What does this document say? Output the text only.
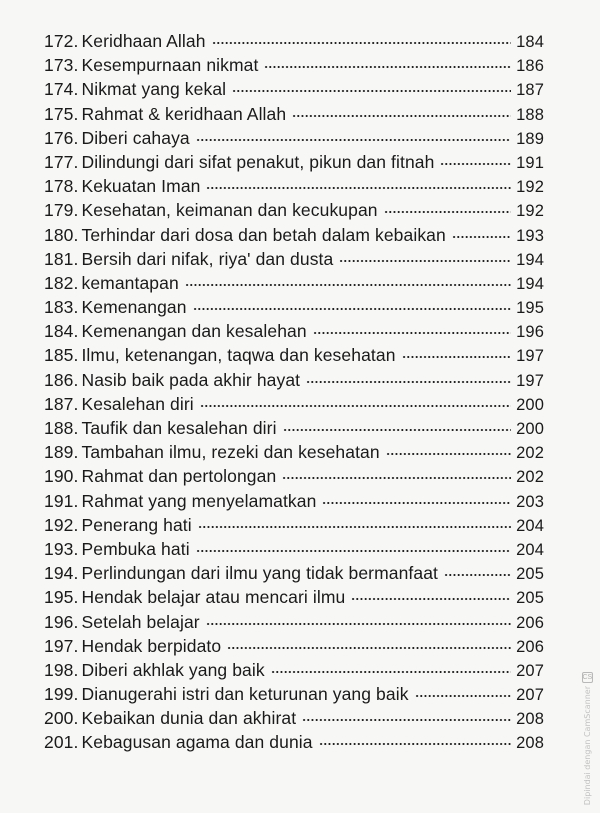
172. Keridhaan Allah	184
173. Kesempurnaan nikmat	186
174. Nikmat yang kekal	187
175. Rahmat & keridhaan Allah	188
176. Diberi cahaya	189
177. Dilindungi dari sifat penakut, pikun dan fitnah	191
178. Kekuatan Iman	192
179. Kesehatan, keimanan dan kecukupan	192
180. Terhindar dari dosa dan betah dalam kebaikan	193
181. Bersih dari nifak, riya' dan dusta	194
182. kemantapan	194
183. Kemenangan	195
184. Kemenangan dan kesalehan	196
185. Ilmu, ketenangan, taqwa dan kesehatan	197
186. Nasib baik pada akhir hayat	197
187. Kesalehan diri	200
188. Taufik dan kesalehan diri	200
189. Tambahan ilmu, rezeki dan kesehatan	202
190. Rahmat dan pertolongan	202
191. Rahmat yang menyelamatkan	203
192. Penerang hati	204
193. Pembuka hati	204
194. Perlindungan dari ilmu yang tidak bermanfaat	205
195. Hendak belajar atau mencari ilmu	205
196. Setelah belajar	206
197. Hendak berpidato	206
198. Diberi akhlak yang baik	207
199. Dianugerahi istri dan keturunan yang baik	207
200. Kebaikan dunia dan akhirat	208
201. Kebagusan agama dan dunia	208
CS
Dipindai dengan CamScanner
